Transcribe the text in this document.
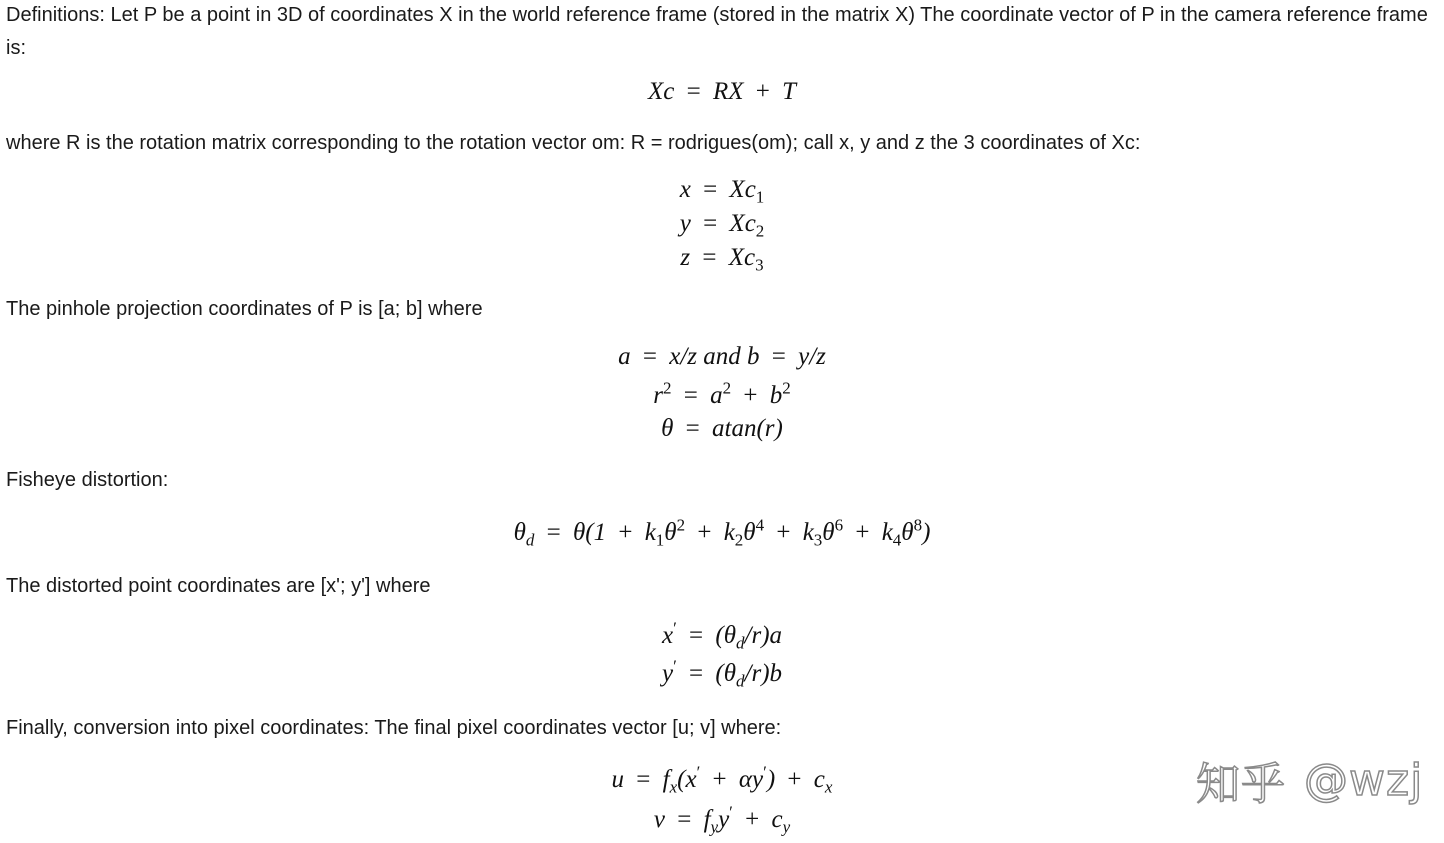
Definitions: Let P be a point in 3D of coordinates X in the world reference frame (stored in the matrix X) The coordinate vector of P in the camera reference frame is:

Xc = RX + T

where R is the rotation matrix corresponding to the rotation vector om: R = rodrigues(om); call x, y and z the 3 coordinates of Xc:

$x = Xc_1$
$y = Xc_2$
$z = Xc_3$

The pinhole projection coordinates of P is [a; b] where

a = x/z and b = y/z
$r^2 = a^2 + b^2$
θ = atan(r)

Fisheye distortion:

$\theta_d = \theta(1 + k_1\theta^2 + k_2\theta^4 + k_3\theta^6 + k_4\theta^8)$

The distorted point coordinates are [x'; y'] where

$x' = (\theta_d/r)a$
$y' = (\theta_d/r)b$

Finally, conversion into pixel coordinates: The final pixel coordinates vector [u; v] where:

$u = f_x(x' + \alpha y') + c_x$
$v = f_yy' + c_y$
知乎 @wzj
